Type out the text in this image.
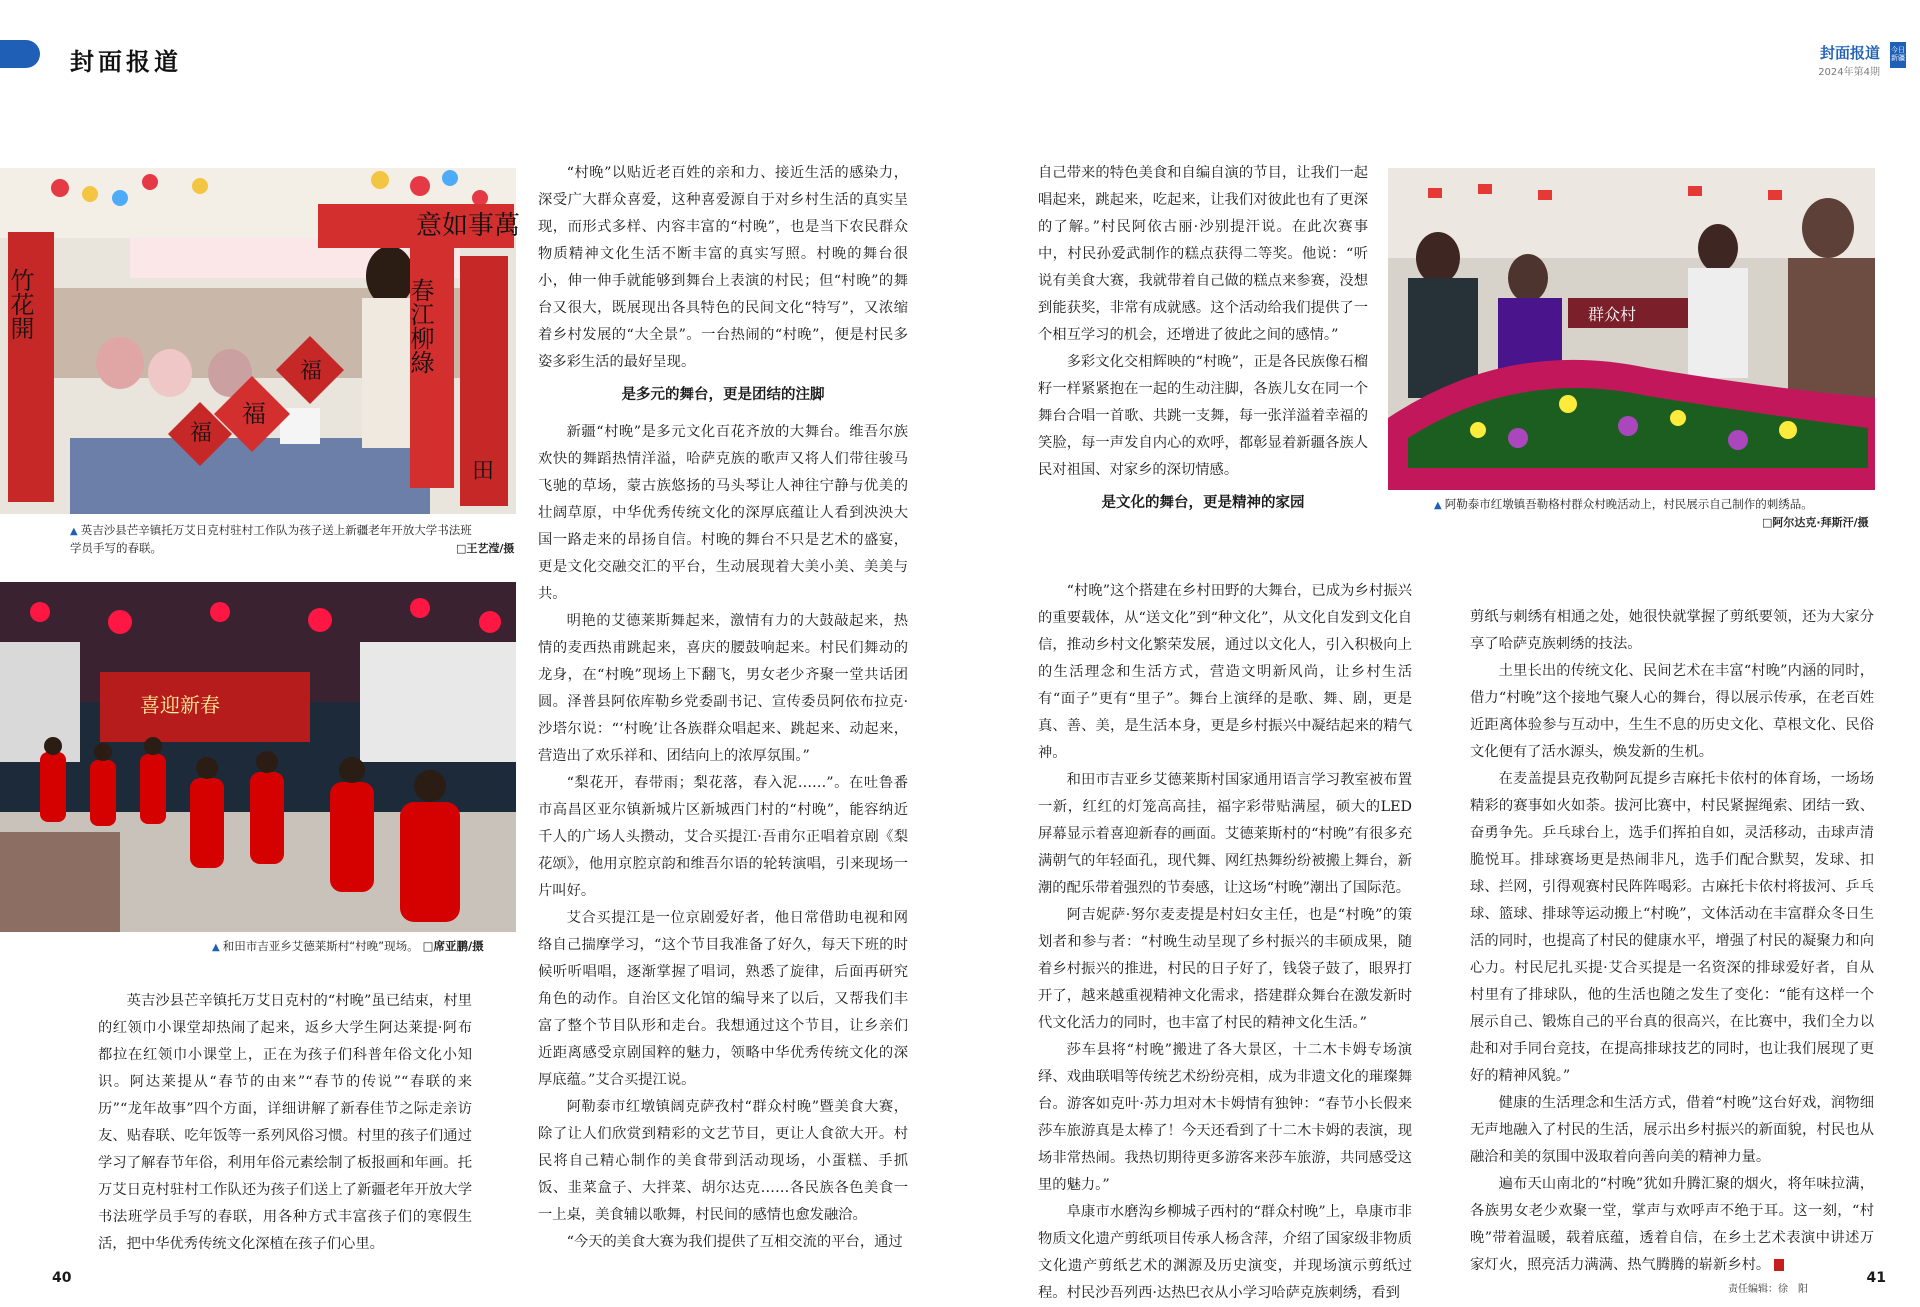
封面报道	封面报道
2024年第4期
今日新疆
意如事萬
福
福
福	春江柳綠
竹花開
田
▲ 英吉沙县芒辛镇托万艾日克村驻村工作队为孩子送上新疆老年开放大学书法班学员手写的春联。	□王艺滢/摄
喜迎新春
▲ 和田市吉亚乡艾德莱斯村“村晚”现场。 □席亚鹏/摄
群众村
▲ 阿勒泰市红墩镇吾勒格村群众村晚活动上，村民展示自己制作的刺绣品。
□阿尔达克·拜斯汗/摄

英吉沙县芒辛镇托万艾日克村的“村晚”虽已结束，村里的红领巾小课堂却热闹了起来，返乡大学生阿达莱提·阿布都拉在红领巾小课堂上，正在为孩子们科普年俗文化小知识。阿达莱提从“春节的由来”“春节的传说”“春联的来历”“龙年故事”四个方面，详细讲解了新春佳节之际走亲访友、贴春联、吃年饭等一系列风俗习惯。村里的孩子们通过学习了解春节年俗，利用年俗元素绘制了板报画和年画。托万艾日克村驻村工作队还为孩子们送上了新疆老年开放大学书法班学员手写的春联，用各种方式丰富孩子们的寒假生活，把中华优秀传统文化深植在孩子们心里。

“村晚”以贴近老百姓的亲和力、接近生活的感染力，深受广大群众喜爱，这种喜爱源自于对乡村生活的真实呈现，而形式多样、内容丰富的“村晚”，也是当下农民群众物质精神文化生活不断丰富的真实写照。村晚的舞台很小，伸一伸手就能够到舞台上表演的村民；但“村晚”的舞台又很大，既展现出各具特色的民间文化“特写”，又浓缩着乡村发展的“大全景”。一台热闹的“村晚”，便是村民多姿多彩生活的最好呈现。

是多元的舞台，更是团结的注脚

新疆“村晚”是多元文化百花齐放的大舞台。维吾尔族欢快的舞蹈热情洋溢，哈萨克族的歌声又将人们带往骏马飞驰的草场，蒙古族悠扬的马头琴让人神往宁静与优美的壮阔草原，中华优秀传统文化的深厚底蕴让人看到泱泱大国一路走来的昂扬自信。村晚的舞台不只是艺术的盛宴，更是文化交融交汇的平台，生动展现着大美小美、美美与共。

明艳的艾德莱斯舞起来，激情有力的大鼓敲起来，热情的麦西热甫跳起来，喜庆的腰鼓响起来。村民们舞动的龙身，在“村晚”现场上下翻飞，男女老少齐聚一堂共话团圆。泽普县阿依库勒乡党委副书记、宣传委员阿依布拉克·沙塔尔说：“‘村晚’让各族群众唱起来、跳起来、动起来，营造出了欢乐祥和、团结向上的浓厚氛围。”

“梨花开，春带雨；梨花落，春入泥……”。在吐鲁番市高昌区亚尔镇新城片区新城西门村的“村晚”，能容纳近千人的广场人头攒动，艾合买提江·吾甫尔正唱着京剧《梨花颂》，他用京腔京韵和维吾尔语的轮转演唱，引来现场一片叫好。

艾合买提江是一位京剧爱好者，他日常借助电视和网络自己揣摩学习，“这个节目我准备了好久，每天下班的时候听听唱唱，逐渐掌握了唱词，熟悉了旋律，后面再研究角色的动作。自治区文化馆的编导来了以后，又帮我们丰富了整个节目队形和走台。我想通过这个节目，让乡亲们近距离感受京剧国粹的魅力，领略中华优秀传统文化的深厚底蕴。”艾合买提江说。

阿勒泰市红墩镇阔克萨孜村“群众村晚”暨美食大赛，除了让人们欣赏到精彩的文艺节目，更让人食欲大开。村民将自己精心制作的美食带到活动现场，小蛋糕、手抓饭、韭菜盒子、大拌菜、胡尔达克……各民族各色美食一一上桌，美食辅以歌舞，村民间的感情也愈发融洽。

“今天的美食大赛为我们提供了互相交流的平台，通过

自己带来的特色美食和自编自演的节目，让我们一起唱起来，跳起来，吃起来，让我们对彼此也有了更深的了解。”村民阿依古丽·沙别提汗说。在此次赛事中，村民孙爱武制作的糕点获得二等奖。他说：“听说有美食大赛，我就带着自己做的糕点来参赛，没想到能获奖，非常有成就感。这个活动给我们提供了一个相互学习的机会，还增进了彼此之间的感情。”

多彩文化交相辉映的“村晚”，正是各民族像石榴籽一样紧紧抱在一起的生动注脚，各族儿女在同一个舞台合唱一首歌、共跳一支舞，每一张洋溢着幸福的笑脸，每一声发自内心的欢呼，都彰显着新疆各族人民对祖国、对家乡的深切情感。

是文化的舞台，更是精神的家园

“村晚”这个搭建在乡村田野的大舞台，已成为乡村振兴的重要载体，从“送文化”到“种文化”，从文化自发到文化自信，推动乡村文化繁荣发展，通过以文化人，引入积极向上的生活理念和生活方式，营造文明新风尚，让乡村生活有“面子”更有“里子”。舞台上演绎的是歌、舞、剧，更是真、善、美，是生活本身，更是乡村振兴中凝结起来的精气神。

和田市吉亚乡艾德莱斯村国家通用语言学习教室被布置一新，红红的灯笼高高挂，福字彩带贴满屋，硕大的LED屏幕显示着喜迎新春的画面。艾德莱斯村的“村晚”有很多充满朝气的年轻面孔，现代舞、网红热舞纷纷被搬上舞台，新潮的配乐带着强烈的节奏感，让这场“村晚”潮出了国际范。

阿吉妮萨·努尔麦麦提是村妇女主任，也是“村晚”的策划者和参与者：“村晚生动呈现了乡村振兴的丰硕成果，随着乡村振兴的推进，村民的日子好了，钱袋子鼓了，眼界打开了，越来越重视精神文化需求，搭建群众舞台在激发新时代文化活力的同时，也丰富了村民的精神文化生活。”

莎车县将“村晚”搬进了各大景区，十二木卡姆专场演绎、戏曲联唱等传统艺术纷纷亮相，成为非遗文化的璀璨舞台。游客如克叶·苏力坦对木卡姆情有独钟：“春节小长假来莎车旅游真是太棒了！今天还看到了十二木卡姆的表演，现场非常热闹。我热切期待更多游客来莎车旅游，共同感受这里的魅力。”

阜康市水磨沟乡柳城子西村的“群众村晚”上，阜康市非物质文化遗产剪纸项目传承人杨含萍，介绍了国家级非物质文化遗产剪纸艺术的渊源及历史演变，并现场演示剪纸过程。村民沙吾列西·达热巴衣从小学习哈萨克族刺绣，看到

剪纸与刺绣有相通之处，她很快就掌握了剪纸要领，还为大家分享了哈萨克族刺绣的技法。

土里长出的传统文化、民间艺术在丰富“村晚”内涵的同时，借力“村晚”这个接地气聚人心的舞台，得以展示传承，在老百姓近距离体验参与互动中，生生不息的历史文化、草根文化、民俗文化便有了活水源头，焕发新的生机。

在麦盖提县克孜勒阿瓦提乡吉麻托卡依村的体育场，一场场精彩的赛事如火如荼。拔河比赛中，村民紧握绳索、团结一致、奋勇争先。乒乓球台上，选手们挥拍自如，灵活移动，击球声清脆悦耳。排球赛场更是热闹非凡，选手们配合默契，发球、扣球、拦网，引得观赛村民阵阵喝彩。古麻托卡依村将拔河、乒乓球、篮球、排球等运动搬上“村晚”，文体活动在丰富群众冬日生活的同时，也提高了村民的健康水平，增强了村民的凝聚力和向心力。村民尼扎买提·艾合买提是一名资深的排球爱好者，自从村里有了排球队，他的生活也随之发生了变化：“能有这样一个展示自己、锻炼自己的平台真的很高兴，在比赛中，我们全力以赴和对手同台竞技，在提高排球技艺的同时，也让我们展现了更好的精神风貌。”

健康的生活理念和生活方式，借着“村晚”这台好戏，润物细无声地融入了村民的生活，展示出乡村振兴的新面貌，村民也从融洽和美的氛围中汲取着向善向美的精神力量。

遍布天山南北的“村晚”犹如升腾汇聚的烟火，将年味拉满，各族男女老少欢聚一堂，掌声与欢呼声不绝于耳。这一刻，“村晚”带着温暖，载着底蕴，透着自信，在乡土艺术表演中讲述万家灯火，照亮活力满满、热气腾腾的崭新乡村。

40
责任编辑：徐　阳
41
